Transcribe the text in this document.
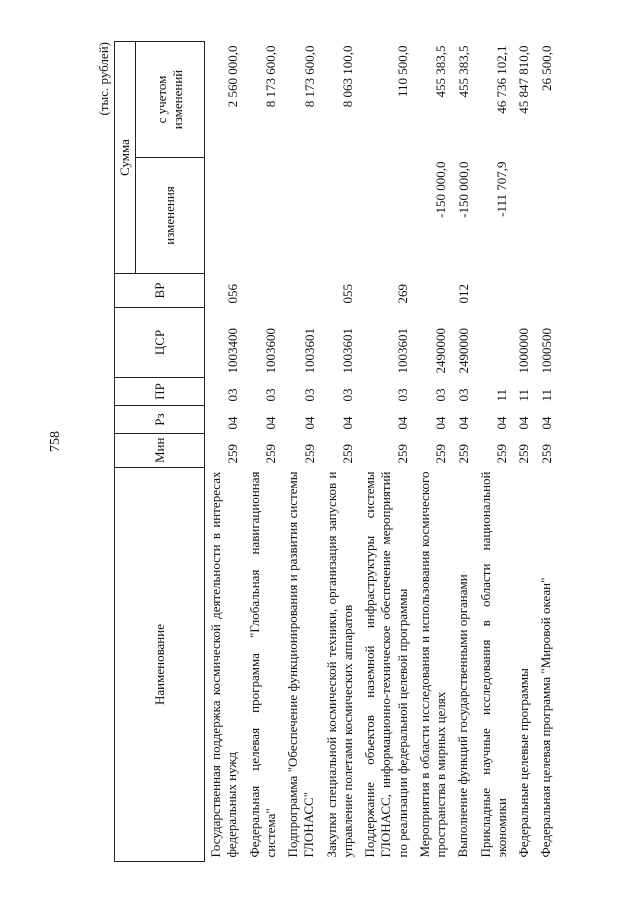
758
(тыс. рублей)
Наименование	Мин	Рз	ПР	ЦСР	ВР	Сумма	
						изменения	с учетом изменений
Государственная поддержка космической деятельности в интересах федеральных нужд	259	04	03	1003400	056		2 560 000,0
Федеральная целевая программа "Глобальная навигационная система"	259	04	03	1003600			8 173 600,0
Подпрограмма "Обеспечение функционирования и развития системы ГЛОНАСС"	259	04	03	1003601			8 173 600,0
Закупки специальной космической техники, организация запусков и управление полетами космических аппаратов	259	04	03	1003601	055		8 063 100,0
Поддержание объектов наземной инфраструктуры системы ГЛОНАСС, информационно-техническое обеспечение мероприятий по реализации федеральной целевой программы	259	04	03	1003601	269		110 500,0
Мероприятия в области исследования и использования космического пространства в мирных целях	259	04	03	2490000		-150 000,0	455 383,5
Выполнение функций государственными органами	259	04	03	2490000	012	-150 000,0	455 383,5
Прикладные научные исследования в области национальной экономики	259	04	11			-111 707,9	46 736 102,1
Федеральные целевые программы	259	04	11	1000000			45 847 810,0
Федеральная целевая программа "Мировой океан"	259	04	11	1000500			26 500,0
